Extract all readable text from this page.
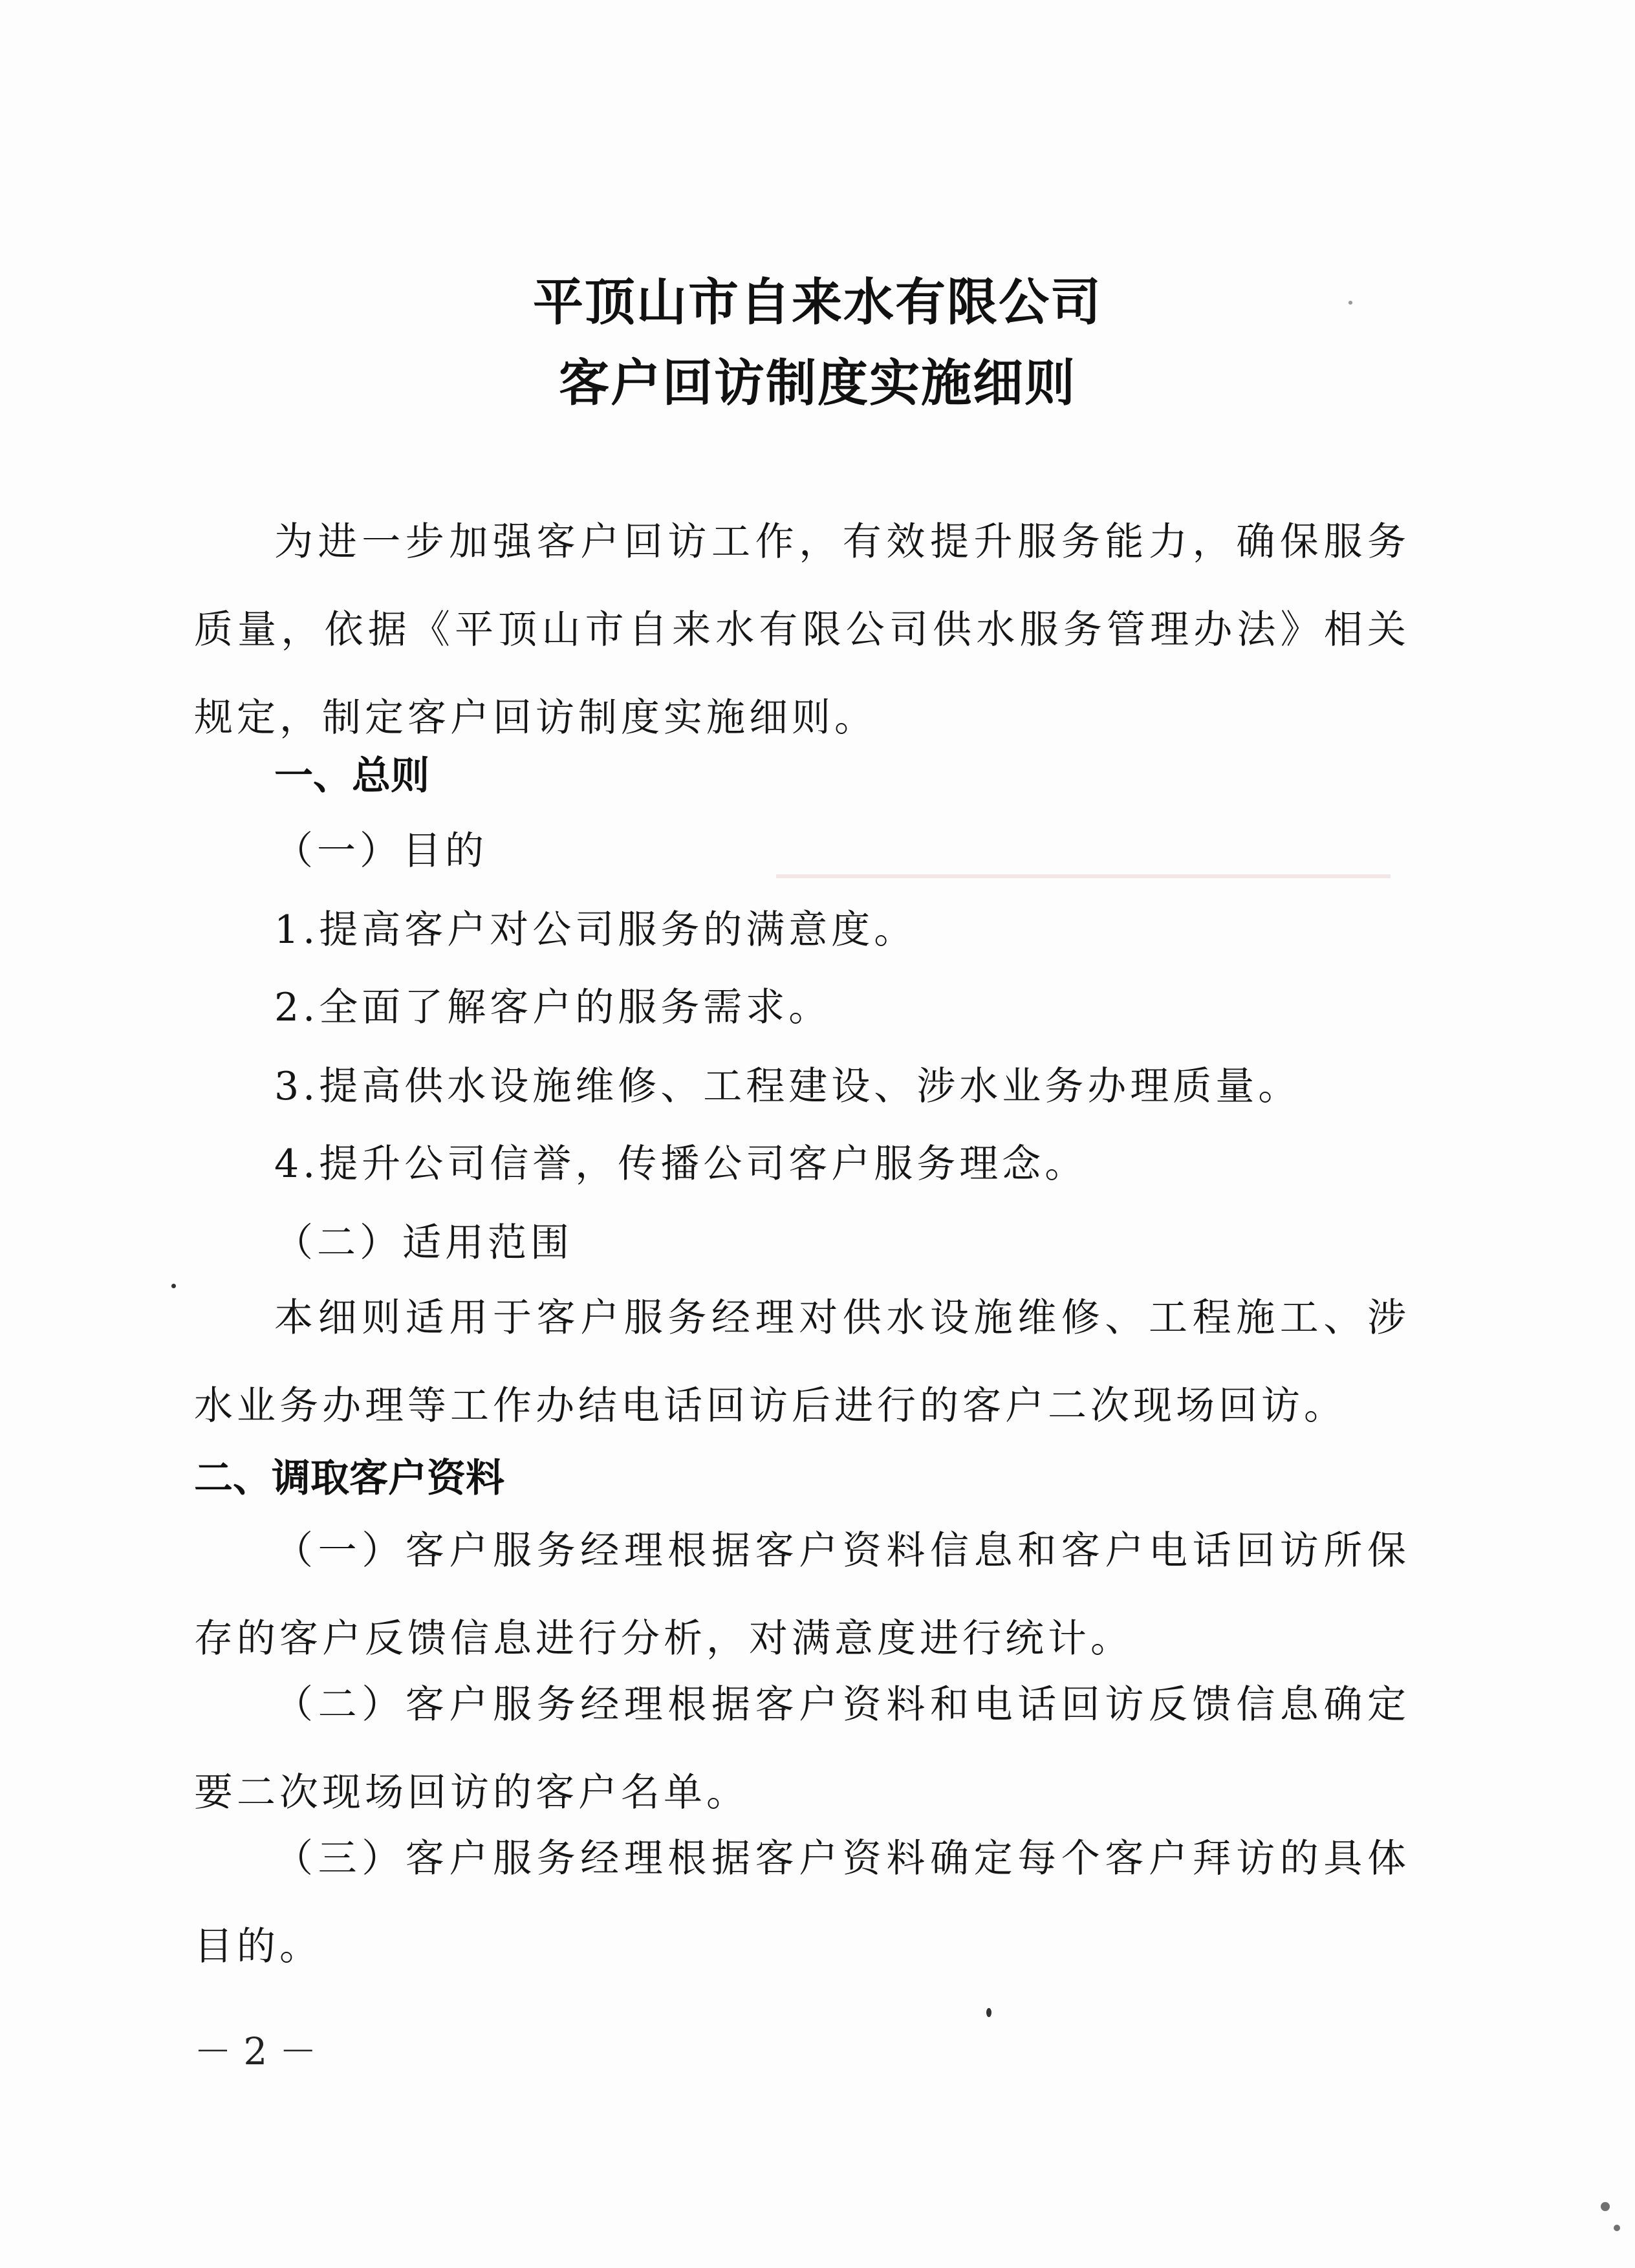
平顶山市自来水有限公司
客户回访制度实施细则

为进一步加强客户回访工作，有效提升服务能力，确保服务质量，依据《平顶山市自来水有限公司供水服务管理办法》相关规定，制定客户回访制度实施细则。

一、总则

（一）目的

1.提高客户对公司服务的满意度。

2.全面了解客户的服务需求。

3.提高供水设施维修、工程建设、涉水业务办理质量。

4.提升公司信誉，传播公司客户服务理念。

（二）适用范围

本细则适用于客户服务经理对供水设施维修、工程施工、涉水业务办理等工作办结电话回访后进行的客户二次现场回访。

二、调取客户资料

（一）客户服务经理根据客户资料信息和客户电话回访所保存的客户反馈信息进行分析，对满意度进行统计。

（二）客户服务经理根据客户资料和电话回访反馈信息确定要二次现场回访的客户名单。

（三）客户服务经理根据客户资料确定每个客户拜访的具体目的。

－ 2 －
